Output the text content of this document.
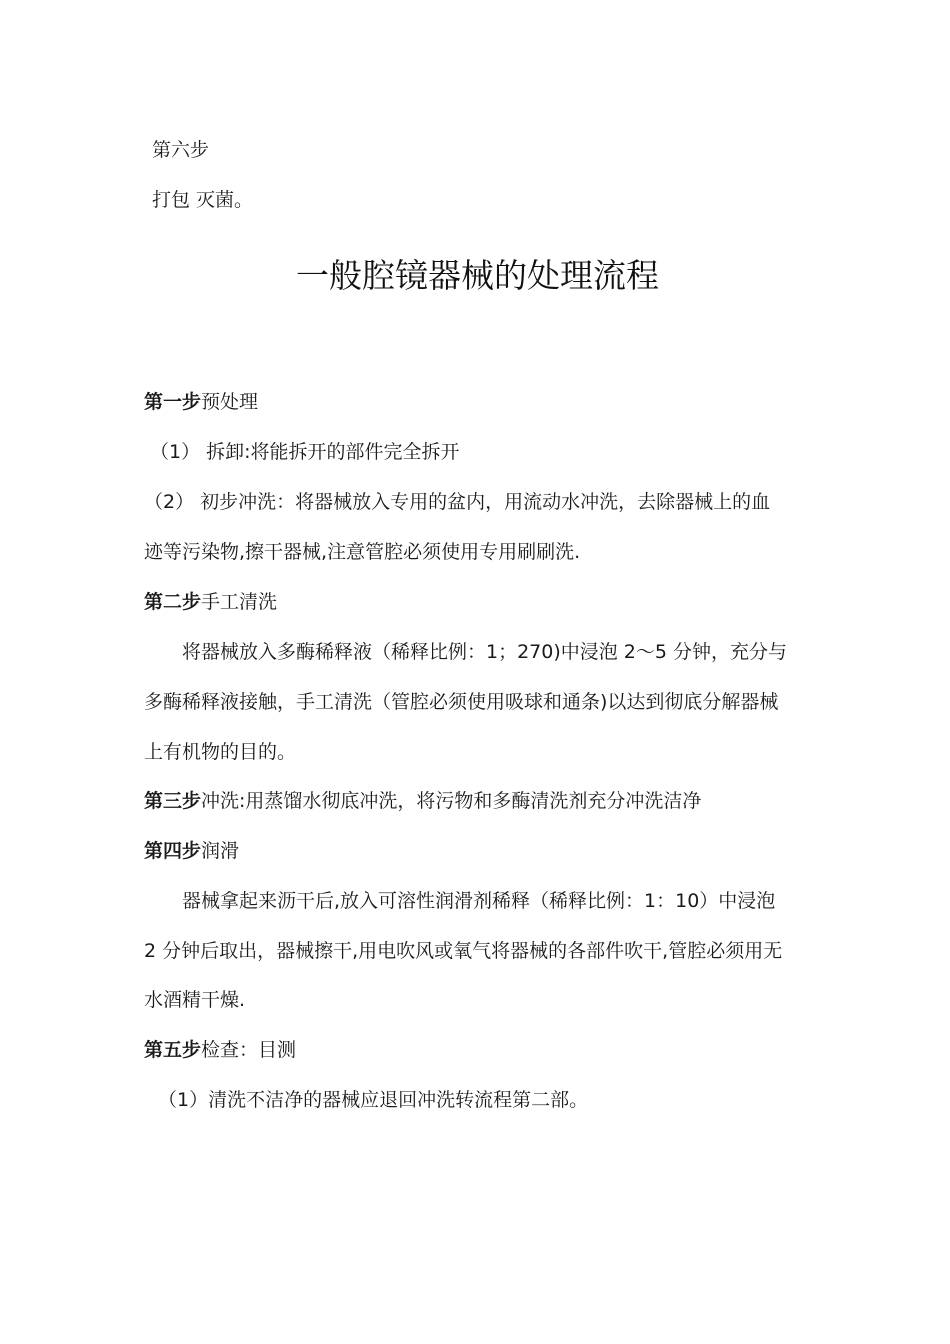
第六步
打包 灭菌。
一般腔镜器械的处理流程
第一步预处理
（1） 拆卸:将能拆开的部件完全拆开
（2） 初步冲洗：将器械放入专用的盆内，用流动水冲洗，去除器械上的血
迹等污染物,擦干器械,注意管腔必须使用专用刷刷洗.
第二步手工清洗
将器械放入多酶稀释液（稀释比例：1；270)中浸泡 2～5 分钟，充分与
多酶稀释液接触，手工清洗（管腔必须使用吸球和通条)以达到彻底分解器械
上有机物的目的。
第三步冲洗:用蒸馏水彻底冲洗，将污物和多酶清洗剂充分冲洗洁净
第四步润滑
器械拿起来沥干后,放入可溶性润滑剂稀释（稀释比例：1：10）中浸泡
2 分钟后取出，器械擦干,用电吹风或氧气将器械的各部件吹干,管腔必须用无
水酒精干燥.
第五步检查：目测
（1）清洗不洁净的器械应退回冲洗转流程第二部。
